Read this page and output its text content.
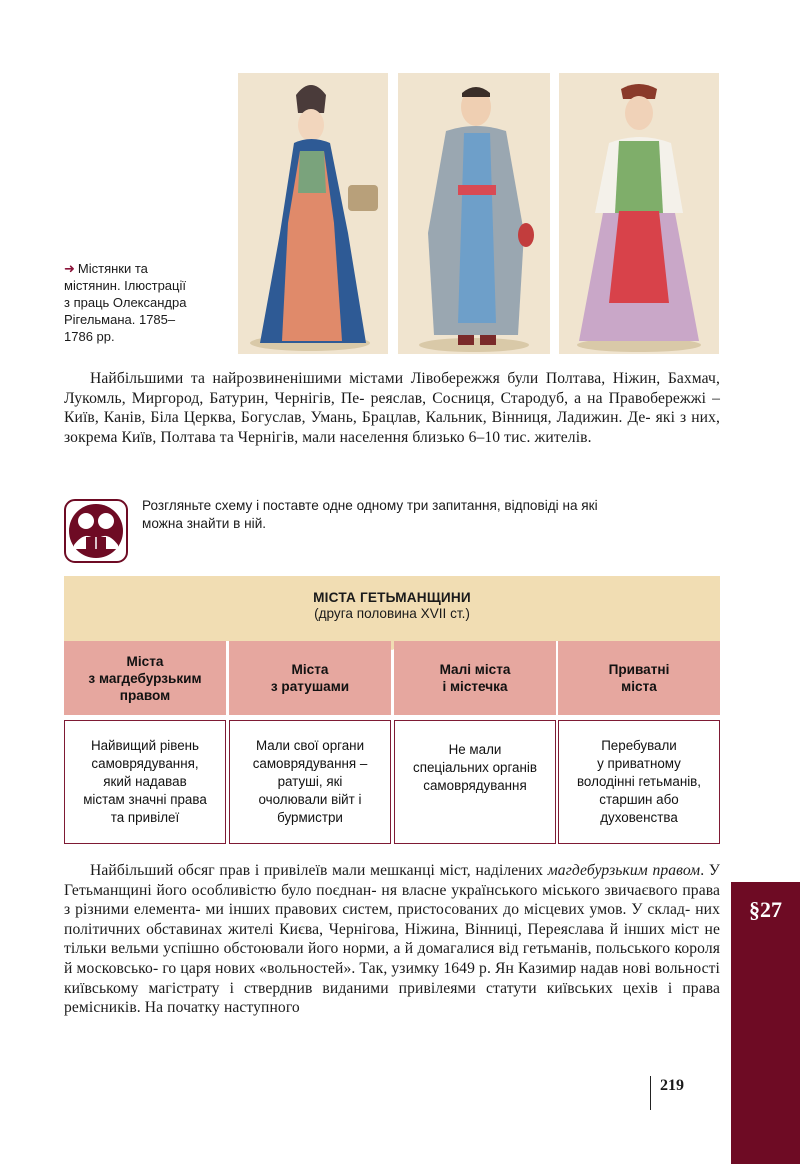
➜ Містянки та
містянин. Ілюстрації
з праць Олександра
Рігельмана. 1785–
1786 рр.

Найбільшими та найрозвиненішими містами Лівобережжя були Полтава, Ніжин, Бахмач, Лукомль, Миргород, Батурин, Чернігів, Пе- реяслав, Сосниця, Стародуб, а на Правобережжі – Київ, Канів, Біла Церква, Богуслав, Умань, Брацлав, Кальник, Вінниця, Ладижин. Де- які з них, зокрема Київ, Полтава та Чернігів, мали населення близько 6–10 тис. жителів.

Розгляньте схему і поставте одне одному три запитання, відповіді на які
можна знайти в ній.
МІСТА ГЕТЬМАНЩИНИ
(друга половина XVII ст.)
Міста
з магдебурзьким
правом
Міста
з ратушами
Малі міста
і містечка
Приватні
міста
Найвищий рівень
самоврядування,
який надавав
містам значні права
та привілеї
Мали свої органи
самоврядування –
ратуші, які
очолювали війт і
бурмистри
Не мали
спеціальних органів
самоврядування
Перебували
у приватному
володінні гетьманів,
старшин або
духовенства

Найбільший обсяг прав і привілеїв мали мешканці міст, наділених магдебурзьким правом. У Гетьманщині його особливістю було поєднан- ня власне українського міського звичаєвого права з різними елемента- ми інших правових систем, пристосованих до місцевих умов. У склад- них політичних обставинах жителі Києва, Чернігова, Ніжина, Вінниці, Переяслава й інших міст не тільки вельми успішно обстоювали його норми, а й домагалися від гетьманів, польського короля й московсько- го царя нових «вольностей». Так, узимку 1649 р. Ян Казимир надав нові вольності київському магістрату і стверднив виданими привілеями статути київських цехів і права ремісників. На початку наступного

§27
219
